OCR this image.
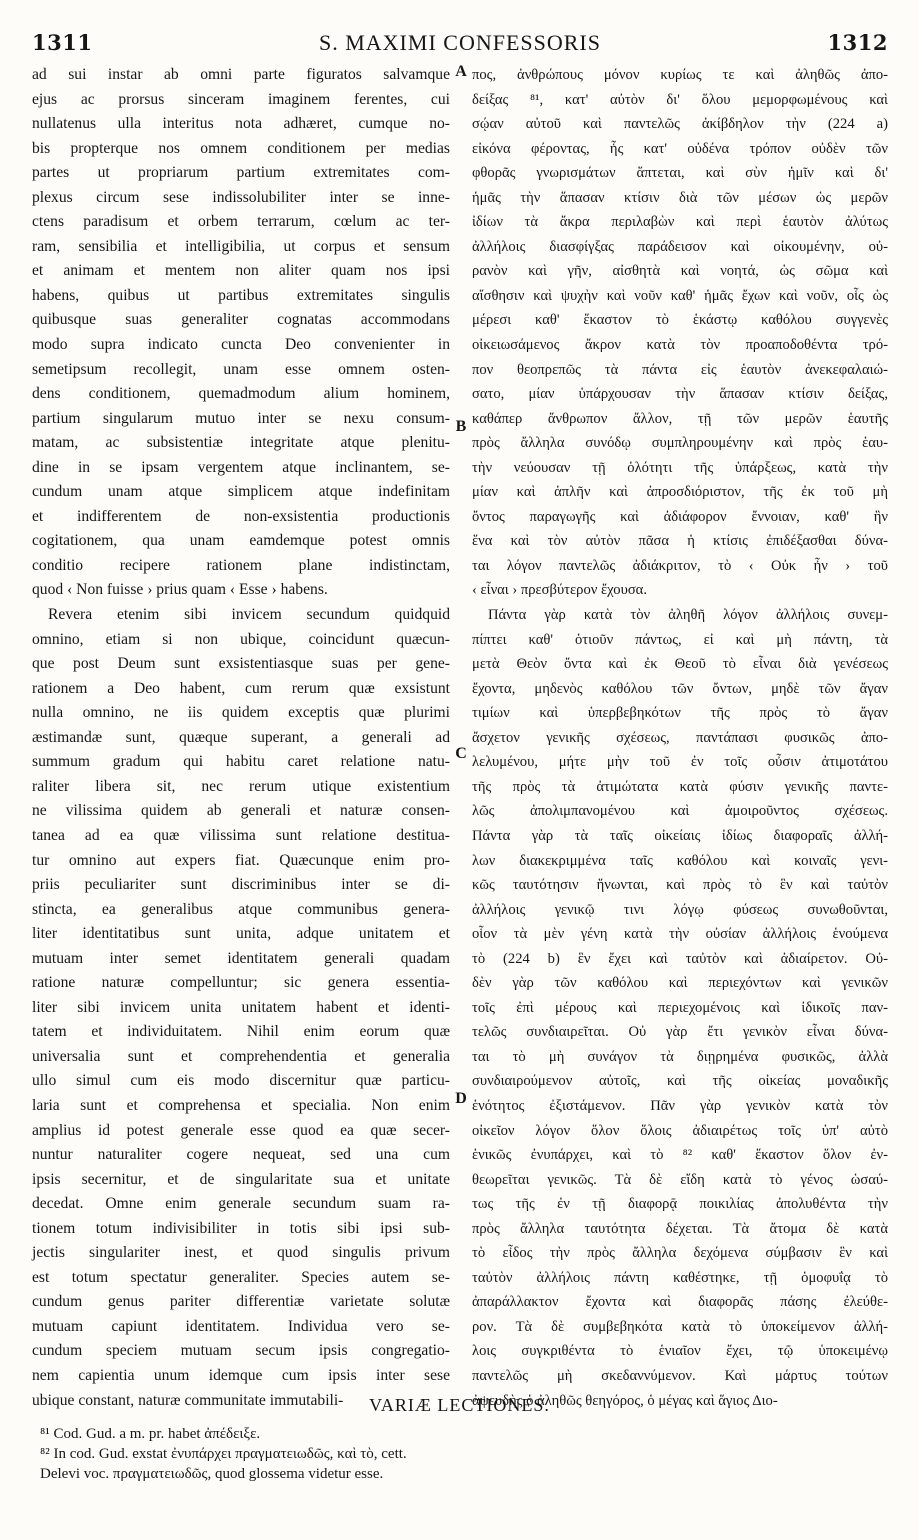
1311	S. MAXIMI CONFESSORIS	1312
ad sui instar ab omni parte figuratos salvamque
ejus ac prorsus sinceram imaginem ferentes, cui
nullatenus ulla interitus nota adhæret, cumque no-
bis propterque nos omnem conditionem per medias
partes ut propriarum partium extremitates com-
plexus circum sese indissolubiliter inter se inne-
ctens paradisum et orbem terrarum, cœlum ac ter-
ram, sensibilia et intelligibilia, ut corpus et sensum
et animam et mentem non aliter quam nos ipsi
habens, quibus ut partibus extremitates singulis
quibusque suas generaliter cognatas accommodans
modo supra indicato cuncta Deo convenienter in
semetipsum recollegit, unam esse omnem osten-
dens conditionem, quemadmodum alium hominem,
partium singularum mutuo inter se nexu consum-
matam, ac subsistentiæ integritate atque plenitu-
dine in se ipsam vergentem atque inclinantem, se-
cundum unam atque simplicem atque indefinitam
et indifferentem de non-exsistentia productionis
cogitationem, qua unam eamdemque potest omnis
conditio recipere rationem plane indistinctam,
quod ‹ Non fuisse › prius quam ‹ Esse › habens.
Revera etenim sibi invicem secundum quidquid
omnino, etiam si non ubique, coincidunt quæcun-
que post Deum sunt exsistentiasque suas per gene-
rationem a Deo habent, cum rerum quæ exsistunt
nulla omnino, ne iis quidem exceptis quæ plurimi
æstimandæ sunt, quæque superant, a generali ad
summum gradum qui habitu caret relatione natu-
raliter libera sit, nec rerum utique existentium
ne vilissima quidem ab generali et naturæ consen-
tanea ad ea quæ vilissima sunt relatione destitua-
tur omnino aut expers fiat. Quæcunque enim pro-
priis peculiariter sunt discriminibus inter se di-
stincta, ea generalibus atque communibus genera-
liter identitatibus sunt unita, adque unitatem et
mutuam inter semet identitatem generali quadam
ratione naturæ compelluntur; sic genera essentia-
liter sibi invicem unita unitatem habent et identi-
tatem et individuitatem. Nihil enim eorum quæ
universalia sunt et comprehendentia et generalia
ullo simul cum eis modo discernitur quæ particu-
laria sunt et comprehensa et specialia. Non enim
amplius id potest generale esse quod ea quæ secer-
nuntur naturaliter cogere nequeat, sed una cum
ipsis secernitur, et de singularitate sua et unitate
decedat. Omne enim generale secundum suam ra-
tionem totum indivisibiliter in totis sibi ipsi sub-
jectis singulariter inest, et quod singulis privum
est totum spectatur generaliter. Species autem se-
cundum genus pariter differentiæ varietate solutæ
mutuam capiunt identitatem. Individua vero se-
cundum speciem mutuam secum ipsis congregatio-
nem capientia unum idemque cum ipsis inter sese
ubique constant, naturæ communitate immutabili-
πος, ἀνθρώπους μόνον κυρίως τε καὶ ἀληθῶς ἀπο-
δείξας ⁸¹, κατ' αὐτὸν δι' ὅλου μεμορφωμένους καὶ
σῴαν αὐτοῦ καὶ παντελῶς ἀκίβδηλον τὴν (224 a)
εἰκόνα φέροντας, ἧς κατ' οὐδένα τρόπον οὐδὲν τῶν
φθορᾶς γνωρισμάτων ἅπτεται, καὶ σὺν ἡμῖν καὶ δι'
ἡμᾶς τὴν ἅπασαν κτίσιν διὰ τῶν μέσων ὡς μερῶν
ἰδίων τὰ ἄκρα περιλαβὼν καὶ περὶ ἑαυτὸν ἀλύτως
ἀλλήλοις διασφίγξας παράδεισον καὶ οἰκουμένην, οὐ-
ρανὸν καὶ γῆν, αἰσθητὰ καὶ νοητά, ὡς σῶμα καὶ
αἴσθησιν καὶ ψυχὴν καὶ νοῦν καθ' ἡμᾶς ἔχων καὶ νοῦν, οἷς ὡς
μέρεσι καθ' ἕκαστον τὸ ἑκάστῳ καθόλου συγγενὲς
οἰκειωσάμενος ἄκρον κατὰ τὸν προαποδοθέντα τρό-
πον θεοπρεπῶς τὰ πάντα εἰς ἑαυτὸν ἀνεκεφαλαιώ-
σατο, μίαν ὑπάρχουσαν τὴν ἅπασαν κτίσιν δείξας,
καθάπερ ἄνθρωπον ἄλλον, τῇ τῶν μερῶν ἑαυτῆς
πρὸς ἄλληλα συνόδῳ συμπληρουμένην καὶ πρὸς ἑαυ-
τὴν νεύουσαν τῇ ὁλότητι τῆς ὑπάρξεως, κατὰ τὴν
μίαν καὶ ἁπλῆν καὶ ἀπροσδιόριστον, τῆς ἐκ τοῦ μὴ
ὄντος παραγωγῆς καὶ ἀδιάφορον ἔννοιαν, καθ' ἣν
ἕνα καὶ τὸν αὐτὸν πᾶσα ἡ κτίσις ἐπιδέξασθαι δύνα-
ται λόγον παντελῶς ἀδιάκριτον, τὸ ‹ Οὐκ ἦν › τοῦ
‹ εἶναι › πρεσβύτερον ἔχουσα.
Πάντα γὰρ κατὰ τὸν ἀληθῆ λόγον ἀλλήλοις συνεμ-
πίπτει καθ' ὁτιοῦν πάντως, εἰ καὶ μὴ πάντη, τὰ
μετὰ Θεὸν ὄντα καὶ ἐκ Θεοῦ τὸ εἶναι διὰ γενέσεως
ἔχοντα, μηδενὸς καθόλου τῶν ὄντων, μηδὲ τῶν ἄγαν
τιμίων καὶ ὑπερβεβηκότων τῆς πρὸς τὸ ἄγαν
ἄσχετον γενικῆς σχέσεως, παντάπασι φυσικῶς ἀπο-
λελυμένου, μήτε μὴν τοῦ ἐν τοῖς οὖσιν ἀτιμοτάτου
τῆς πρὸς τὰ ἀτιμώτατα κατὰ φύσιν γενικῆς παντε-
λῶς ἀπολιμπανομένου καὶ ἀμοιροῦντος σχέσεως.
Πάντα γὰρ τὰ ταῖς οἰκείαις ἰδίως διαφοραῖς ἀλλή-
λων διακεκριμμένα ταῖς καθόλου καὶ κοιναῖς γενι-
κῶς ταυτότησιν ἥνωνται, καὶ πρὸς τὸ ἓν καὶ ταὐτὸν
ἀλλήλοις γενικῷ τινι λόγῳ φύσεως συνωθοῦνται,
οἷον τὰ μὲν γένη κατὰ τὴν οὐσίαν ἀλλήλοις ἑνούμενα
τὸ (224 b) ἓν ἔχει καὶ ταὐτὸν καὶ ἀδιαίρετον. Οὐ-
δὲν γὰρ τῶν καθόλου καὶ περιεχόντων καὶ γενικῶν
τοῖς ἐπὶ μέρους καὶ περιεχομένοις καὶ ἰδικοῖς παν-
τελῶς συνδιαιρεῖται. Οὐ γὰρ ἔτι γενικὸν εἶναι δύνα-
ται τὸ μὴ συνάγον τὰ διῃρημένα φυσικῶς, ἀλλὰ
συνδιαιρούμενον αὐτοῖς, καὶ τῆς οἰκείας μοναδικῆς
ἑνότητος ἐξιστάμενον. Πᾶν γὰρ γενικὸν κατὰ τὸν
οἰκεῖον λόγον ὅλον ὅλοις ἀδιαιρέτως τοῖς ὑπ' αὐτὸ
ἑνικῶς ἐνυπάρχει, καὶ τὸ ⁸² καθ' ἕκαστον ὅλον ἐν-
θεωρεῖται γενικῶς. Τὰ δὲ εἴδη κατὰ τὸ γένος ὡσαύ-
τως τῆς ἐν τῇ διαφορᾷ ποικιλίας ἀπολυθέντα τὴν
πρὸς ἄλληλα ταυτότητα δέχεται. Τὰ ἄτομα δὲ κατὰ
τὸ εἶδος τὴν πρὸς ἄλληλα δεχόμενα σύμβασιν ἓν καὶ
ταὐτὸν ἀλλήλοις πάντη καθέστηκε, τῇ ὁμοφυΐᾳ τὸ
ἀπαράλλακτον ἔχοντα καὶ διαφορᾶς πάσης ἐλεύθε-
ρον. Τὰ δὲ συμβεβηκότα κατὰ τὸ ὑποκείμενον ἀλλή-
λοις συγκριθέντα τὸ ἑνιαῖον ἔχει, τῷ ὑποκειμένῳ
παντελῶς μὴ σκεδαννύμενον. Καὶ μάρτυς τούτων
ἀψευδὴς ὁ ἀληθῶς θεηγόρος, ὁ μέγας καὶ ἅγιος Διο-
A
B
C
D
VARIÆ LECTIONES.
⁸¹ Cod. Gud. a m. pr. habet ἀπέδειξε.
⁸² In cod. Gud. exstat ἐνυπάρχει πραγματειωδῶς, καὶ τὸ, cett.
Delevi voc. πραγματειωδῶς, quod glossema videtur esse.
